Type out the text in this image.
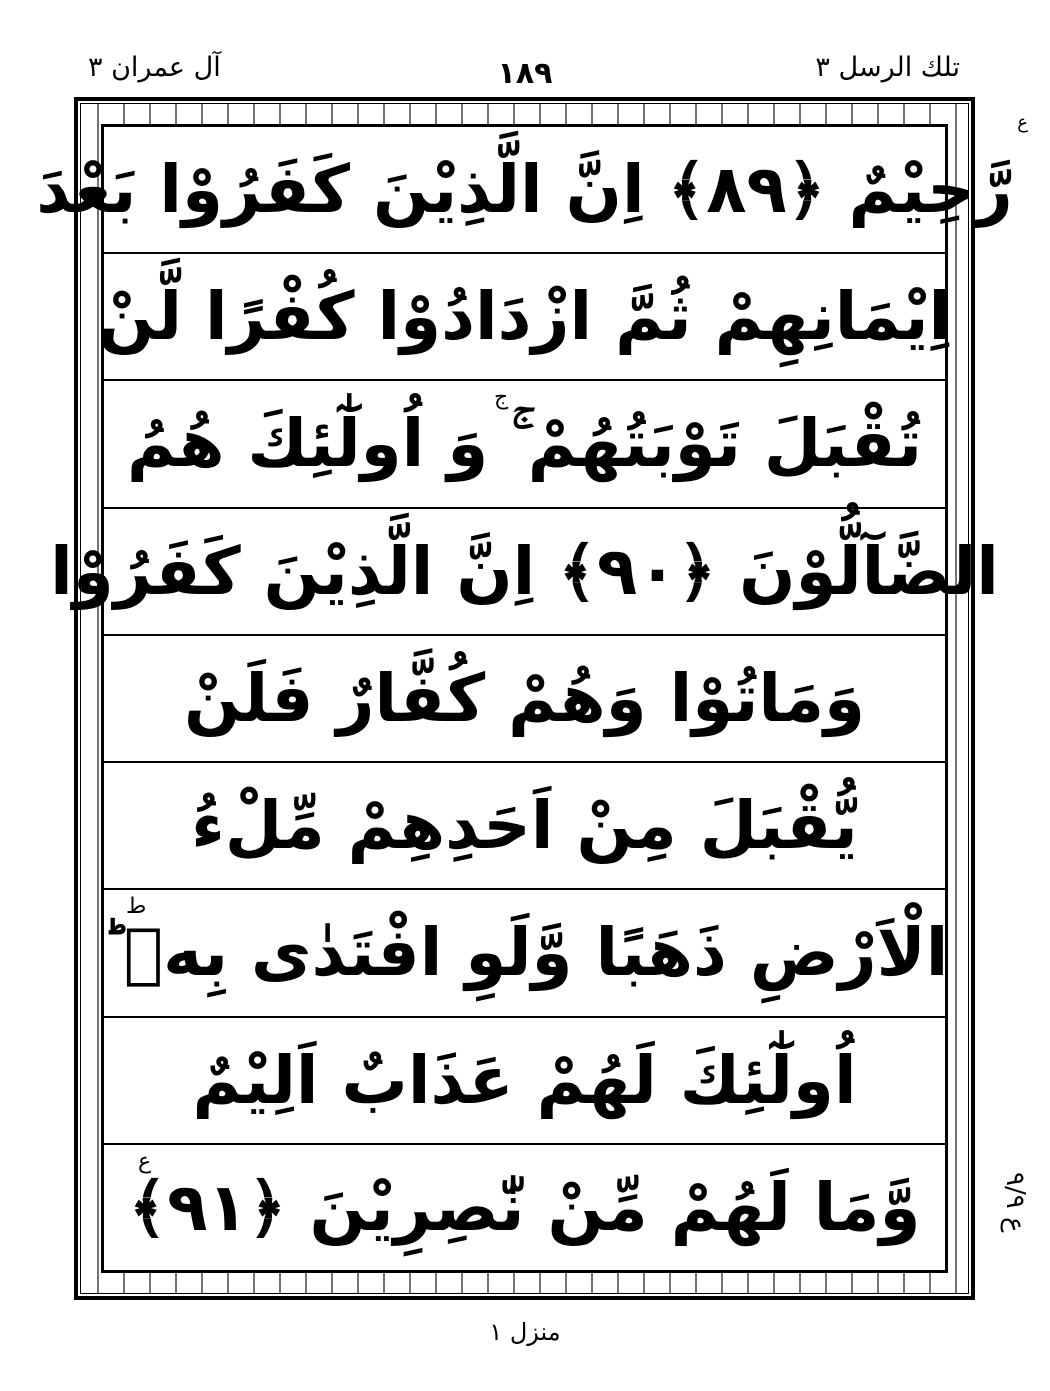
تلك الرسل ٣
١٨٩
آل عمران ٣
ع
ع ٩/٩
رَّحِيْمٌ ﴿٨٩﴾ اِنَّ الَّذِيْنَ كَفَرُوْا بَعْدَ
اِيْمَانِهِمْ ثُمَّ ازْدَادُوْا كُفْرًا لَّنْ
تُقْبَلَ تَوْبَتُهُمْ ۚ وَ اُولٰٓئِكَ هُمُ
ج
الضَّآلُّوْنَ ﴿٩٠﴾ اِنَّ الَّذِيْنَ كَفَرُوْا
وَمَاتُوْا وَهُمْ كُفَّارٌ فَلَنْ
يُّقْبَلَ مِنْ اَحَدِهِمْ مِّلْءُ
الْاَرْضِ ذَهَبًا وَّلَوِ افْتَدٰى بِهٖ ؕ
ط
اُولٰٓئِكَ لَهُمْ عَذَابٌ اَلِيْمٌ
وَّمَا لَهُمْ مِّنْ نّٰصِرِيْنَ ﴿٩١﴾
ع
منزل ١
